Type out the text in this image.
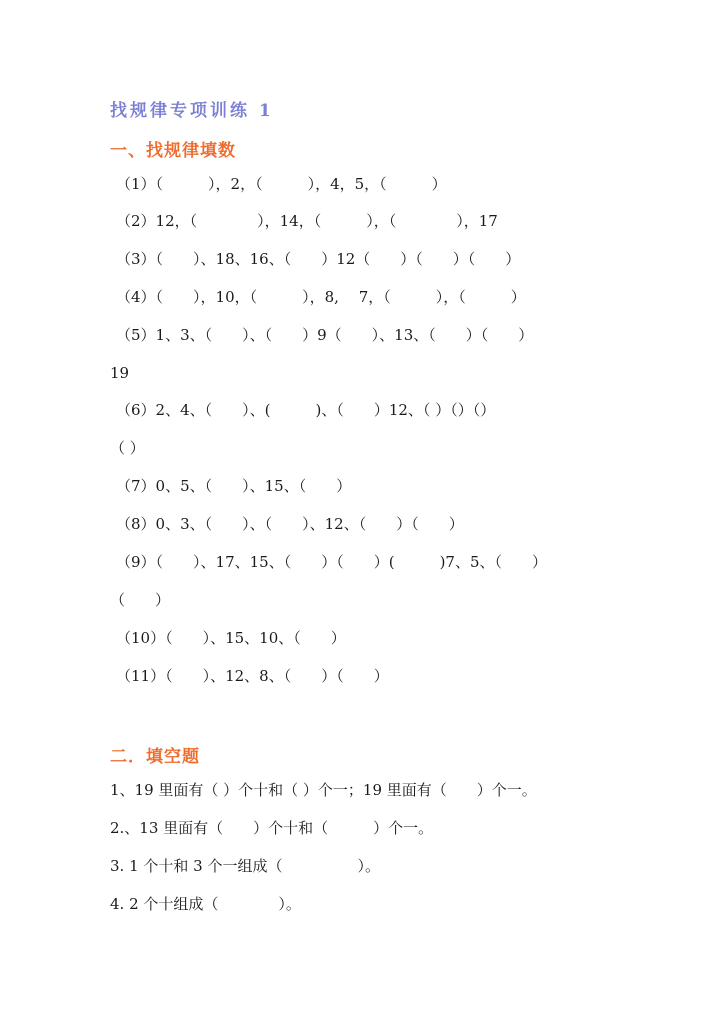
找规律专项训练 1
一、找规律填数
（1）（　　　），2，（　　　），4，5，（　　　）
（2）12，（　　　　），14，（　　　），（　　　　），17
（3）（　　）、18、16、（　　）12（　　）（　　）（　　）
（4）（　　），10，（　　　），8,　 7，（　　　），（　　　）
（5）1、3、（　　）、（　　）9（　　）、13、（　　）（　　）
19
（6）2、4、（　　）、(　　　)、（　　）12、（ ）（）（）
（ ）
（7）0、5、（　　）、15、（　　）
（8）0、3、（　　）、（　　）、12、（　　）（　　）
（9）（　　）、17、15、（　　）（　　）(　　　)7、5、（　　）
（　　）
（10）（　　）、15、10、（　　）
（11）（　　）、12、8、（　　）（　　）
二．填空题
1、19 里面有（ ）个十和（ ）个一；19 里面有（　　）个一。
2.、13 里面有（　　）个十和（　　　）个一。
3. 1 个十和 3 个一组成（　　　　　）。
4. 2 个十组成（　　　　）。
